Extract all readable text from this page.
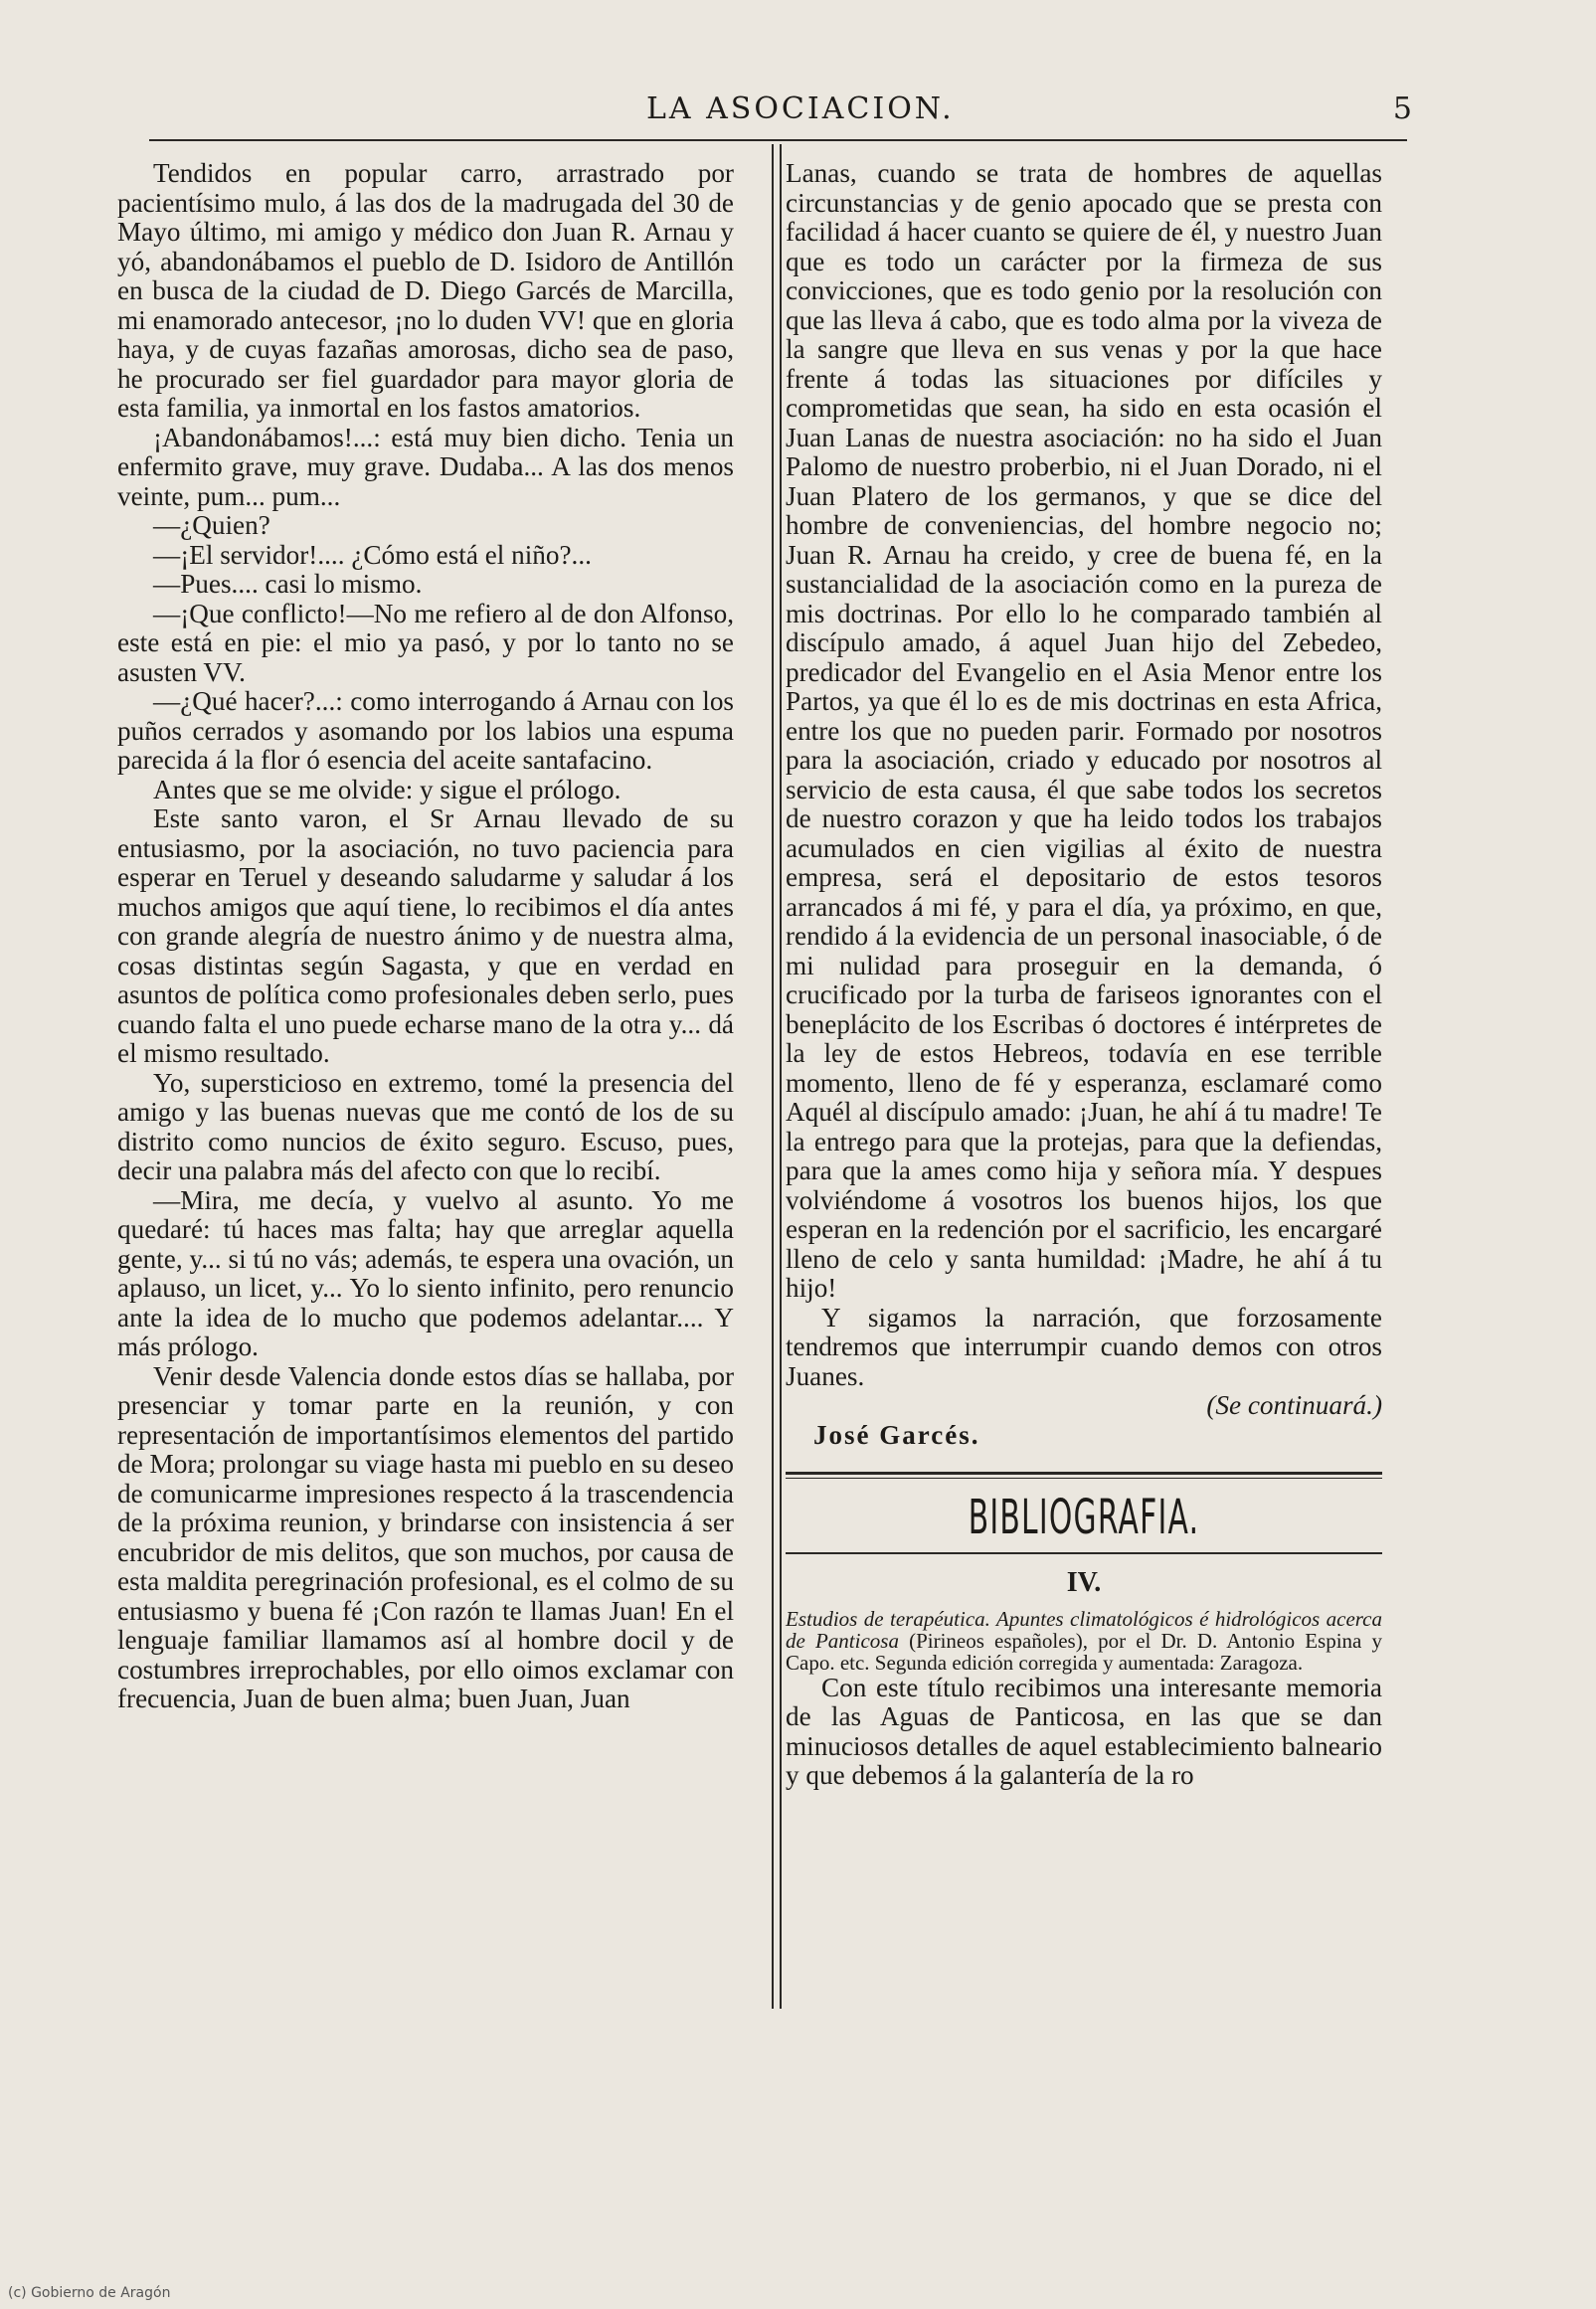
LA ASOCIACION.	5

Tendidos en popular carro, arrastrado por pacientísimo mulo, á las dos de la madrugada del 30 de Mayo último, mi amigo y médico don Juan R. Arnau y yó, abandonábamos el pueblo de D. Isidoro de Antillón en busca de la ciudad de D. Diego Garcés de Marcilla, mi enamorado antecesor, ¡no lo duden VV! que en gloria haya, y de cuyas fazañas amorosas, dicho sea de paso, he procurado ser fiel guardador para mayor gloria de esta familia, ya inmortal en los fastos amatorios.

¡Abandonábamos!...: está muy bien dicho. Tenia un enfermito grave, muy grave. Dudaba... A las dos menos veinte, pum... pum...

—¿Quien?

—¡El servidor!.... ¿Cómo está el niño?...

—Pues.... casi lo mismo.

—¡Que conflicto!—No me refiero al de don Alfonso, este está en pie: el mio ya pasó, y por lo tanto no se asusten VV.

—¿Qué hacer?...: como interrogando á Arnau con los puños cerrados y asomando por los labios una espuma parecida á la flor ó esencia del aceite santafacino.

Antes que se me olvide: y sigue el prólogo.

Este santo varon, el Sr Arnau llevado de su entusiasmo, por la asociación, no tuvo paciencia para esperar en Teruel y deseando saludarme y saludar á los muchos amigos que aquí tiene, lo recibimos el día antes con grande alegría de nuestro ánimo y de nuestra alma, cosas distintas según Sagasta, y que en verdad en asuntos de política como profesionales deben serlo, pues cuando falta el uno puede echarse mano de la otra y... dá el mismo resultado.

Yo, supersticioso en extremo, tomé la presencia del amigo y las buenas nuevas que me contó de los de su distrito como nuncios de éxito seguro. Escuso, pues, decir una palabra más del afecto con que lo recibí.

—Mira, me decía, y vuelvo al asunto. Yo me quedaré: tú haces mas falta; hay que arreglar aquella gente, y... si tú no vás; además, te espera una ovación, un aplauso, un licet, y... Yo lo siento infinito, pero renuncio ante la idea de lo mucho que podemos adelantar.... Y más prólogo.

Venir desde Valencia donde estos días se hallaba, por presenciar y tomar parte en la reunión, y con representación de importantísimos elementos del partido de Mora; prolongar su viage hasta mi pueblo en su deseo de comunicarme impresiones respecto á la trascendencia de la próxima reunion, y brindarse con insistencia á ser encubridor de mis delitos, que son muchos, por causa de esta maldita peregrinación profesional, es el colmo de su entusiasmo y buena fé ¡Con razón te llamas Juan! En el lenguaje familiar llamamos así al hombre docil y de costumbres irreprochables, por ello oimos exclamar con frecuencia, Juan de buen alma; buen Juan, Juan

Lanas, cuando se trata de hombres de aquellas circunstancias y de genio apocado que se presta con facilidad á hacer cuanto se quiere de él, y nuestro Juan que es todo un carácter por la firmeza de sus convicciones, que es todo genio por la resolución con que las lleva á cabo, que es todo alma por la viveza de la sangre que lleva en sus venas y por la que hace frente á todas las situaciones por difíciles y comprometidas que sean, ha sido en esta ocasión el Juan Lanas de nuestra asociación: no ha sido el Juan Palomo de nuestro proberbio, ni el Juan Dorado, ni el Juan Platero de los germanos, y que se dice del hombre de conveniencias, del hombre negocio no; Juan R. Arnau ha creido, y cree de buena fé, en la sustancialidad de la asociación como en la pureza de mis doctrinas. Por ello lo he comparado también al discípulo amado, á aquel Juan hijo del Zebedeo, predicador del Evangelio en el Asia Menor entre los Partos, ya que él lo es de mis doctrinas en esta Africa, entre los que no pueden parir. Formado por nosotros para la asociación, criado y educado por nosotros al servicio de esta causa, él que sabe todos los secretos de nuestro corazon y que ha leido todos los trabajos acumulados en cien vigilias al éxito de nuestra empresa, será el depositario de estos tesoros arrancados á mi fé, y para el día, ya próximo, en que, rendido á la evidencia de un personal inasociable, ó de mi nulidad para proseguir en la demanda, ó crucificado por la turba de fariseos ignorantes con el beneplácito de los Escribas ó doctores é intérpretes de la ley de estos Hebreos, todavía en ese terrible momento, lleno de fé y esperanza, esclamaré como Aquél al discípulo amado: ¡Juan, he ahí á tu madre! Te la entrego para que la protejas, para que la defiendas, para que la ames como hija y señora mía. Y despues volviéndome á vosotros los buenos hijos, los que esperan en la redención por el sacrificio, les encargaré lleno de celo y santa humildad: ¡Madre, he ahí á tu hijo!

Y sigamos la narración, que forzosamente tendremos que interrumpir cuando demos con otros Juanes.

(Se continuará.)

José Garcés.

BIBLIOGRAFIA.
IV.

Estudios de terapéutica. Apuntes climatológicos é hidrológicos acerca de Panticosa (Pirineos españoles), por el Dr. D. Antonio Espina y Capo. etc. Segunda edición corregida y aumentada: Zaragoza.

Con este título recibimos una interesante memoria de las Aguas de Panticosa, en las que se dan minuciosos detalles de aquel establecimiento balneario y que debemos á la galantería de la ro

(c) Gobierno de Aragón
